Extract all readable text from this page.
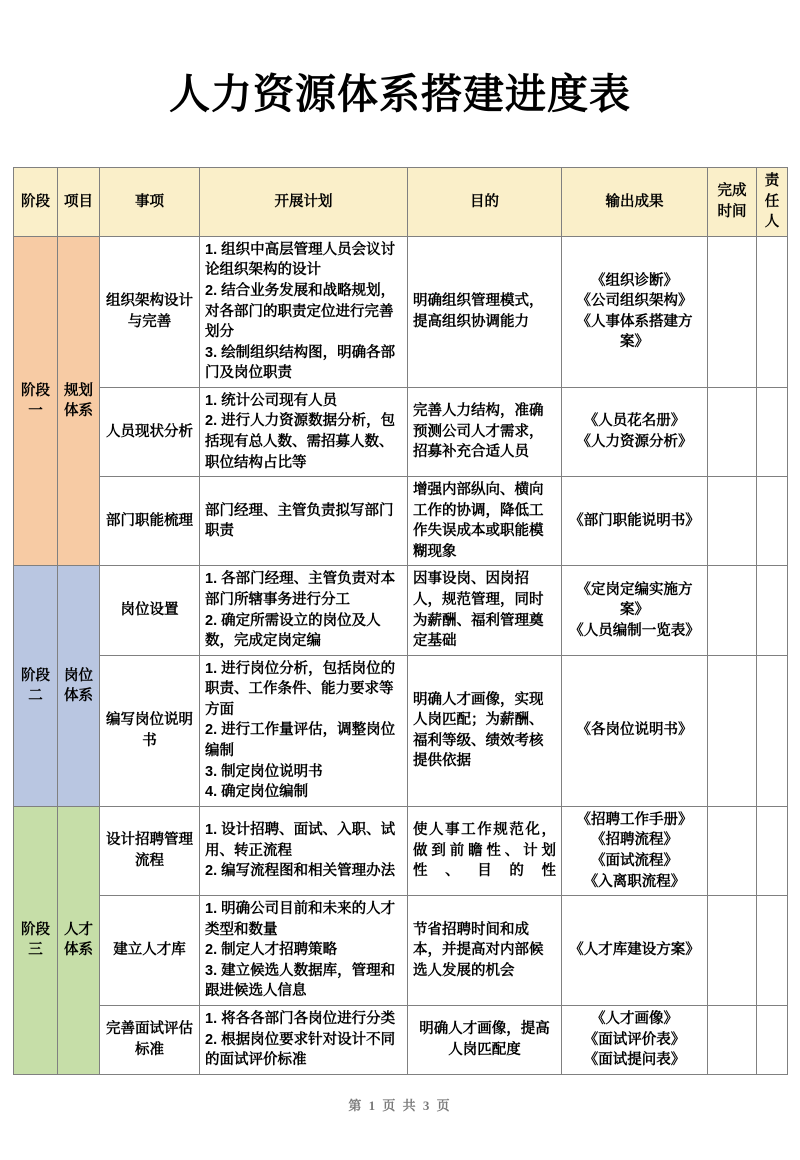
人力资源体系搭建进度表
阶段	项目	事项	开展计划	目的	输出成果	完成时间	责任人
阶段一	规划体系	组织架构设计与完善	1. 组织中高层管理人员会议讨论组织架构的设计
2. 结合业务发展和战略规划，对各部门的职责定位进行完善划分
3. 绘制组织结构图，明确各部门及岗位职责	明确组织管理模式，提高组织协调能力	《组织诊断》
《公司组织架构》
《人事体系搭建方案》		

		人员现状分析	1. 统计公司现有人员
2. 进行人力资源数据分析，包括现有总人数、需招募人数、职位结构占比等	完善人力结构，准确预测公司人才需求，招募补充合适人员	《人员花名册》
《人力资源分析》		

		部门职能梳理	部门经理、主管负责拟写部门职责	增强内部纵向、横向工作的协调，降低工作失误成本或职能模糊现象	《部门职能说明书》		

阶段二	岗位体系	岗位设置	1. 各部门经理、主管负责对本部门所辖事务进行分工
2. 确定所需设立的岗位及人数，完成定岗定编	因事设岗、因岗招人，规范管理，同时为薪酬、福利管理奠定基础	《定岗定编实施方案》
《人员编制一览表》		

		编写岗位说明书	1. 进行岗位分析，包括岗位的职责、工作条件、能力要求等方面
2. 进行工作量评估，调整岗位编制
3. 制定岗位说明书
4. 确定岗位编制	明确人才画像，实现人岗匹配；为薪酬、福利等级、绩效考核提供依据	《各岗位说明书》		

阶段三	人才体系	设计招聘管理流程	1. 设计招聘、面试、入职、试用、转正流程
2. 编写流程图和相关管理办法	使人事工作规范化，做到前瞻性、计划性、目的性	《招聘工作手册》
《招聘流程》
《面试流程》
《入离职流程》		

		建立人才库	1. 明确公司目前和未来的人才类型和数量
2. 制定人才招聘策略
3. 建立候选人数据库，管理和跟进候选人信息	节省招聘时间和成本，并提高对内部候选人发展的机会	《人才库建设方案》		

		完善面试评估标准	1. 将各各部门各岗位进行分类
2. 根据岗位要求针对设计不同的面试评价标准	明确人才画像，提高人岗匹配度	《人才画像》
《面试评价表》
《面试提问表》		

第 1 页 共 3 页
